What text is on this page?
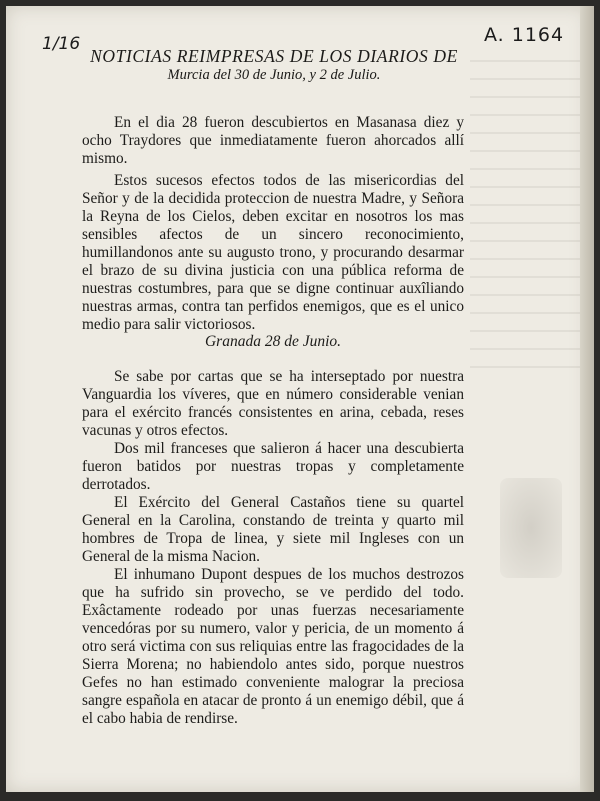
1/16	A. 1164
NOTICIAS REIMPRESAS DE LOS DIARIOS DE
Murcia del 30 de Junio, y 2 de Julio.

En el dia 28 fueron descubiertos en Masanasa diez y ocho Traydores que inmediatamente fueron ahorcados allí mismo.

Estos sucesos efectos todos de las misericordias del Señor y de la decidida proteccion de nuestra Madre, y Señora la Reyna de los Cielos, deben excitar en nosotros los mas sensibles afectos de un sincero reconocimiento, humillandonos ante su augusto trono, y procurando desarmar el brazo de su divina justicia con una pública reforma de nuestras costumbres, para que se digne continuar auxîliando nuestras armas, contra tan perfidos enemigos, que es el unico medio para salir victoriosos.

Granada 28 de Junio.

Se sabe por cartas que se ha interseptado por nuestra Vanguardia los víveres, que en número considerable venian para el exército francés consistentes en arina, cebada, reses vacunas y otros efectos.

Dos mil franceses que salieron á hacer una descubierta fueron batidos por nuestras tropas y completamente derrotados.

El Exército del General Castaños tiene su quartel General en la Carolina, constando de treinta y quarto mil hombres de Tropa de linea, y siete mil Ingleses con un General de la misma Nacion.

El inhumano Dupont despues de los muchos destrozos que ha sufrido sin provecho, se ve perdido del todo. Exâctamente rodeado por unas fuerzas necesariamente vencedóras por su numero, valor y pericia, de un momento á otro será victima con sus reliquias entre las fragocidades de la Sierra Morena; no habiendolo antes sido, porque nuestros Gefes no han estimado conveniente malograr la preciosa sangre española en atacar de pronto á un enemigo débil, que á el cabo habia de rendirse.
